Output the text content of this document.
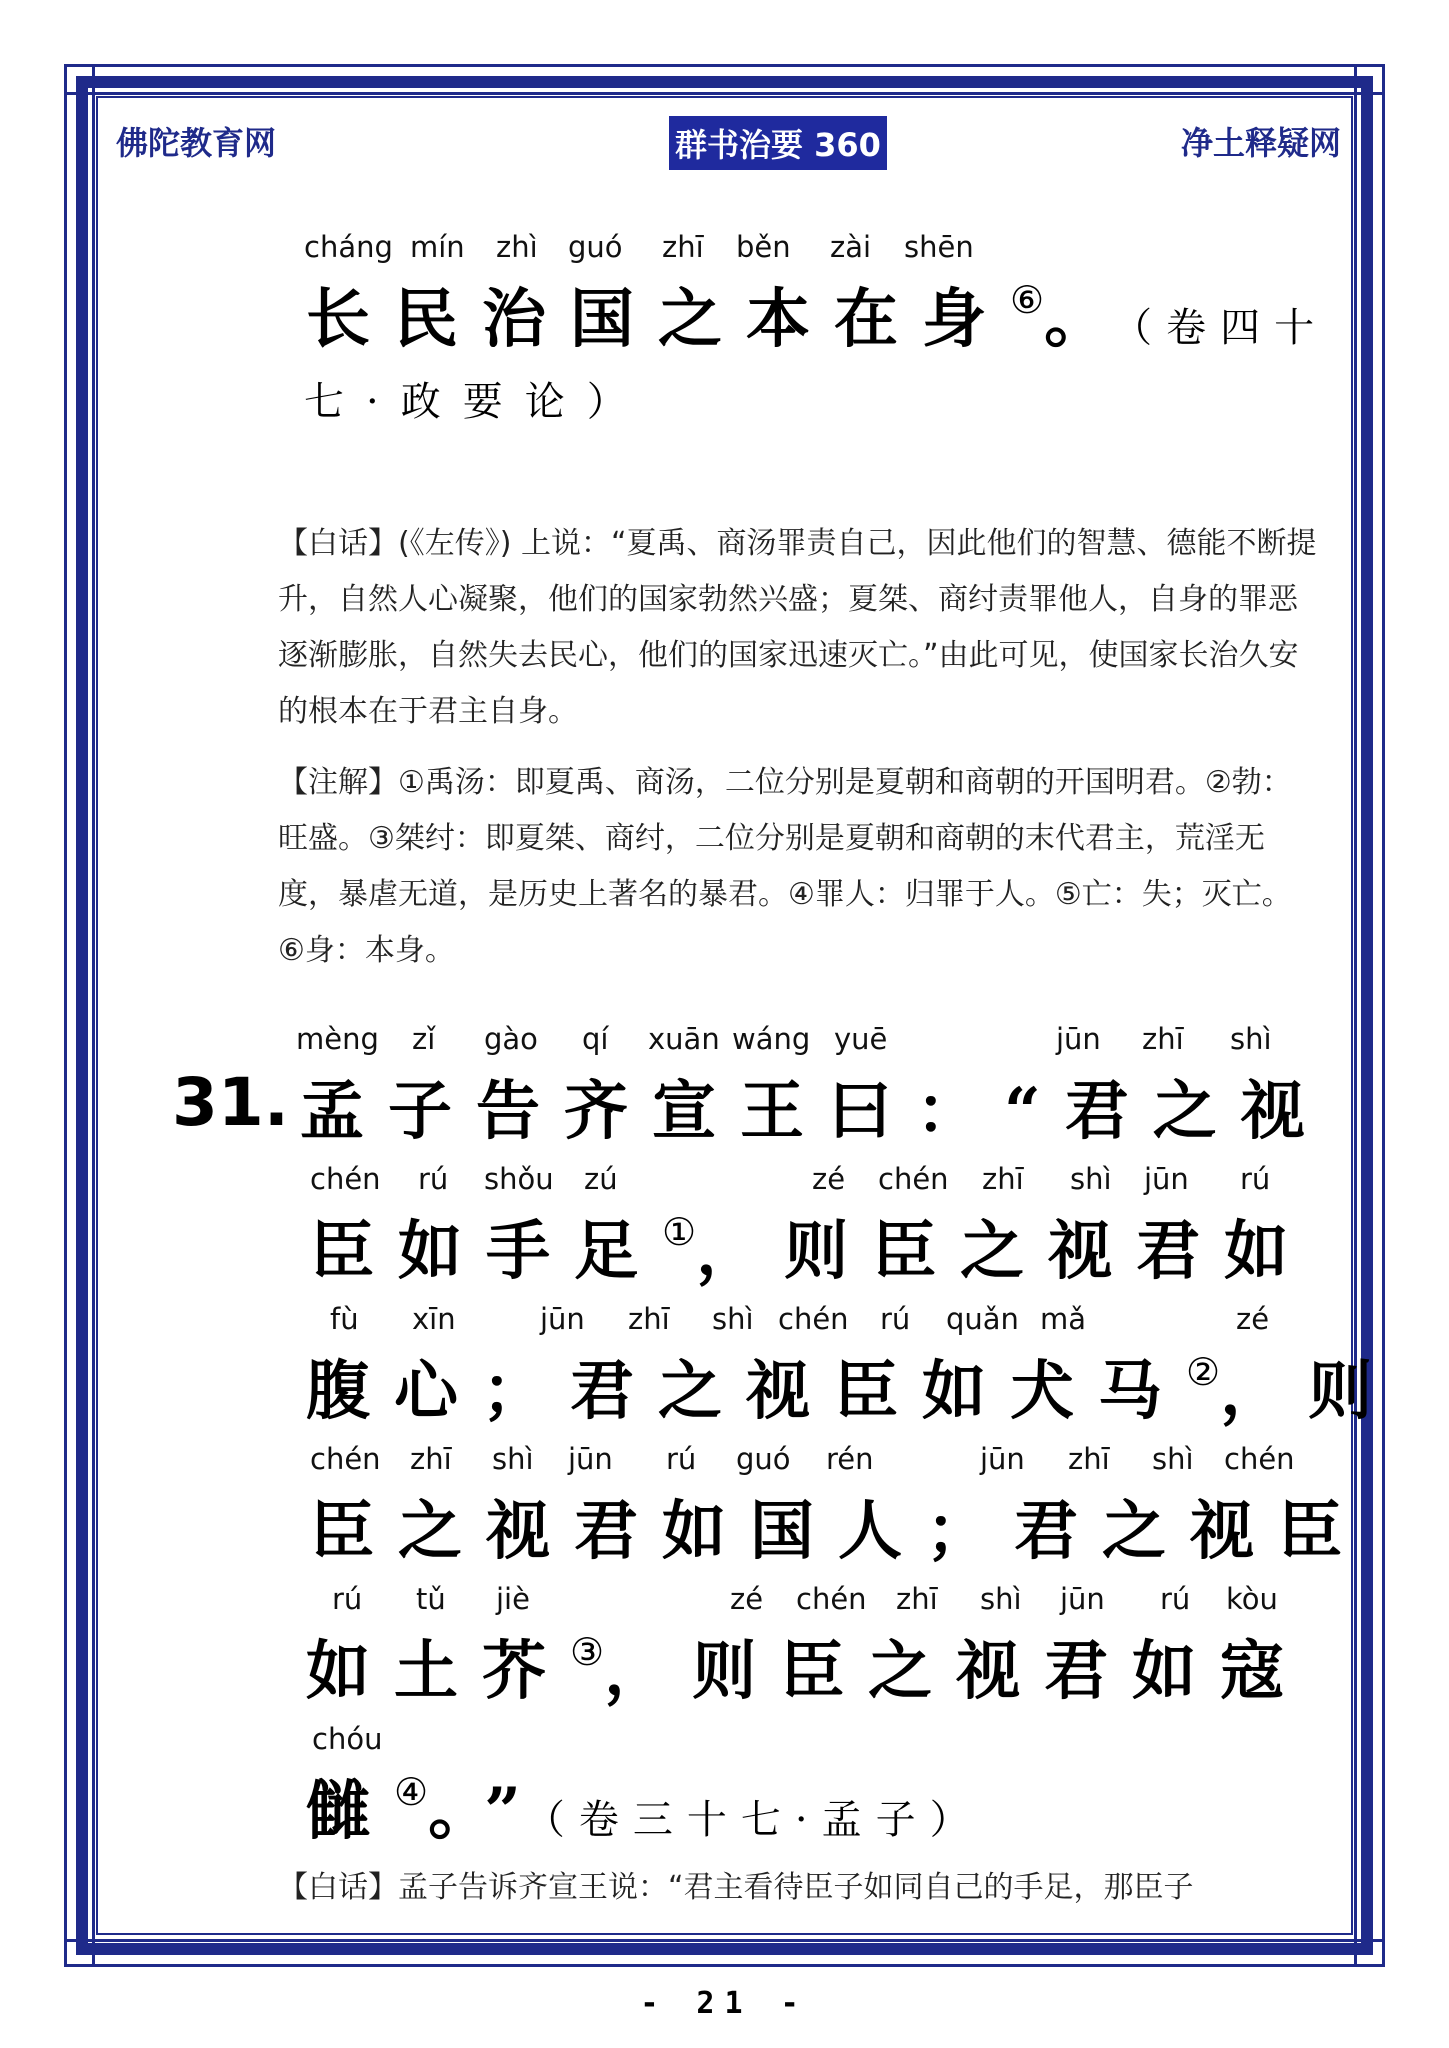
佛陀教育网	群书治要 360	净土释疑网
cháng mín zhì guó zhī běn zài shēn
长民治国之本在身⑥。（卷四十
七·政要论）
【白话】(《左传》) 上说：“夏禹、商汤罪责自己，因此他们的智慧、德能不断提升，自然人心凝聚，他们的国家勃然兴盛；夏桀、商纣责罪他人，自身的罪恶逐渐膨胀，自然失去民心，他们的国家迅速灭亡。”由此可见，使国家长治久安的根本在于君主自身。
【注解】①禹汤：即夏禹、商汤，二位分别是夏朝和商朝的开国明君。②勃：旺盛。③桀纣：即夏桀、商纣，二位分别是夏朝和商朝的末代君主，荒淫无度，暴虐无道，是历史上著名的暴君。④罪人：归罪于人。⑤亡：失；灭亡。⑥身：本身。
31.
mèng zǐ gào qí xuān wáng yuē	jūn zhī shì
孟子告齐宣王曰：“君之视
chén rú shǒu zú	zé chén zhī shì jūn rú
臣如手足①，则臣之视君如
fù xīn	jūn zhī shì chén rú quǎn mǎ	zé
腹心；君之视臣如犬马②，则
chén zhī shì jūn rú guó rén	jūn zhī shì chén
臣之视君如国人；君之视臣
rú tǔ jiè	zé chén zhī shì jūn rú kòu
如土芥③，则臣之视君如寇
chóu
雠④。”（卷三十七·孟子）
【白话】孟子告诉齐宣王说：“君主看待臣子如同自己的手足，那臣子
- 21 -
